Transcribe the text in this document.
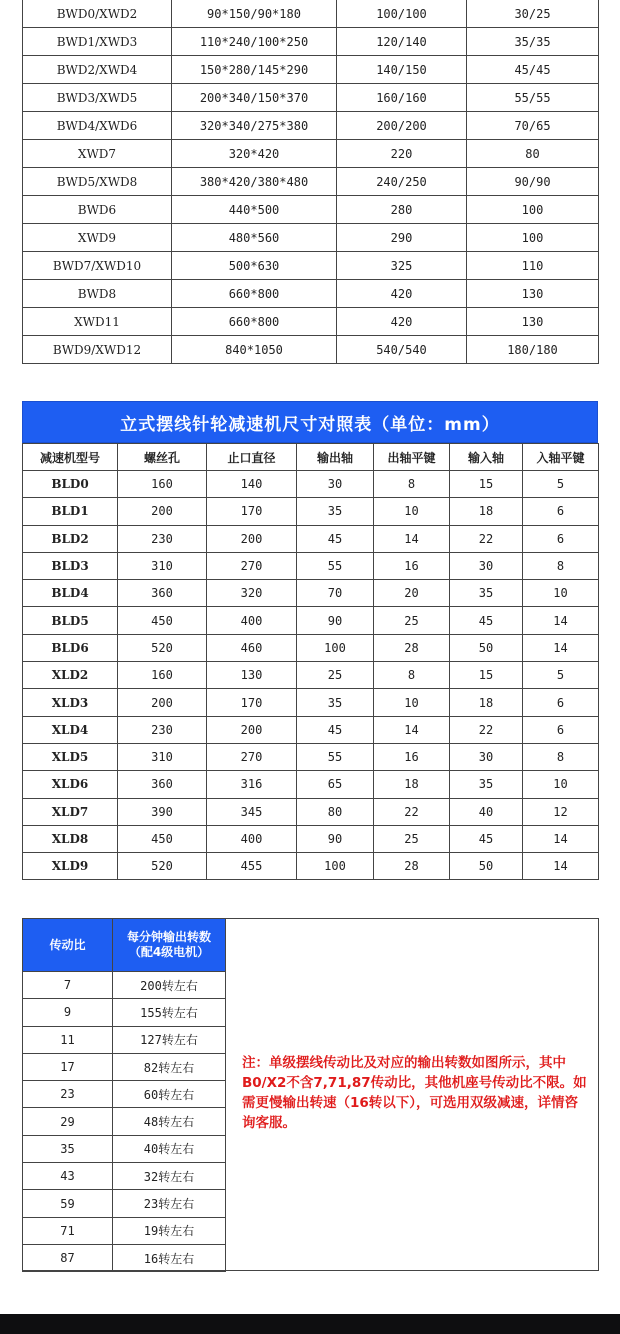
BWD0/XWD2	90*150/90*180	100/100	30/25
BWD1/XWD3	110*240/100*250	120/140	35/35
BWD2/XWD4	150*280/145*290	140/150	45/45
BWD3/XWD5	200*340/150*370	160/160	55/55
BWD4/XWD6	320*340/275*380	200/200	70/65
XWD7	320*420	220	80
BWD5/XWD8	380*420/380*480	240/250	90/90
BWD6	440*500	280	100
XWD9	480*560	290	100
BWD7/XWD10	500*630	325	110
BWD8	660*800	420	130
XWD11	660*800	420	130
BWD9/XWD12	840*1050	540/540	180/180
立式摆线针轮减速机尺寸对照表（单位：mm）
减速机型号	螺丝孔	止口直径	输出轴	出轴平键	输入轴	入轴平键
BLD0	160	140	30	8	15	5
BLD1	200	170	35	10	18	6
BLD2	230	200	45	14	22	6
BLD3	310	270	55	16	30	8
BLD4	360	320	70	20	35	10
BLD5	450	400	90	25	45	14
BLD6	520	460	100	28	50	14
XLD2	160	130	25	8	15	5
XLD3	200	170	35	10	18	6
XLD4	230	200	45	14	22	6
XLD5	310	270	55	16	30	8
XLD6	360	316	65	18	35	10
XLD7	390	345	80	22	40	12
XLD8	450	400	90	25	45	14
XLD9	520	455	100	28	50	14
传动比	每分钟输出转数
（配4级电机）
7	200转左右
9	155转左右
11	127转左右
17	82转左右
23	60转左右
29	48转左右
35	40转左右
43	32转左右
59	23转左右
71	19转左右
87	16转左右
注：单级摆线传动比及对应的输出转数如图所示，其中B0/X2不含7,71,87传动比，其他机座号传动比不限。如需更慢输出转速（16转以下），可选用双级减速，详情咨询客服。
